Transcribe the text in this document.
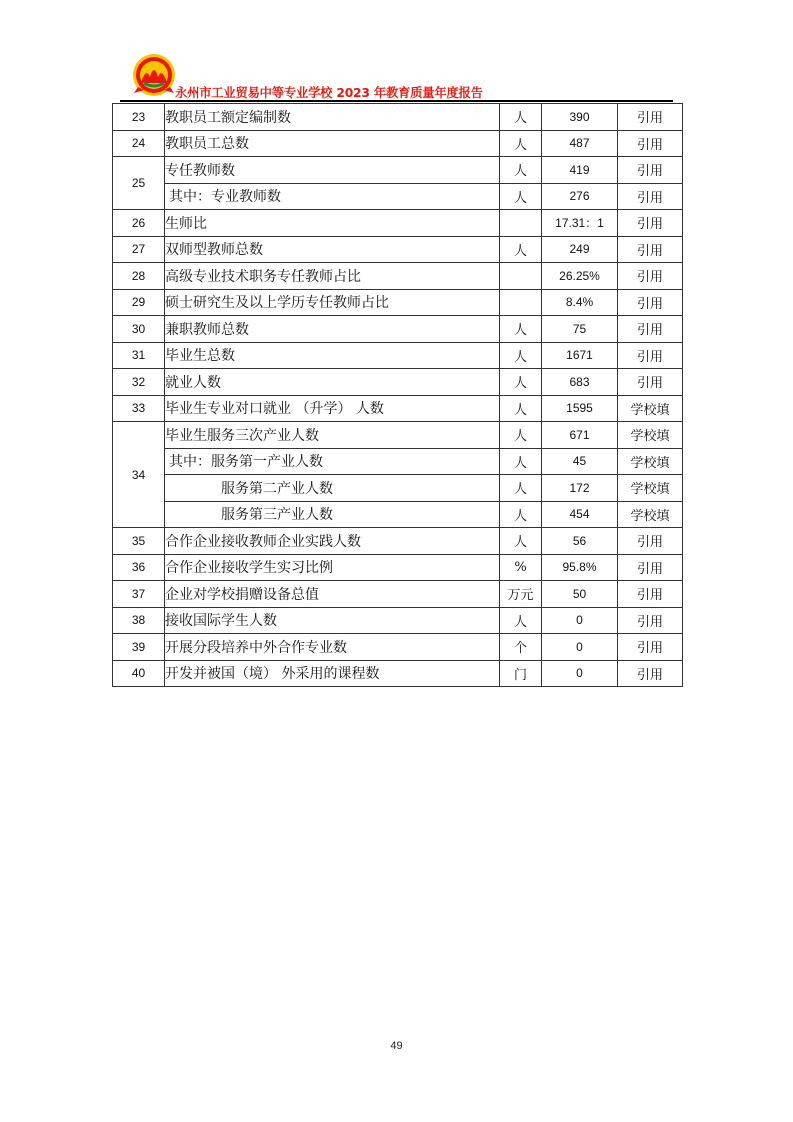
永州市工业贸易中等专业学校 2023 年教育质量年度报告
23	教职员工额定编制数	人	390	引用
24	教职员工总数	人	487	引用
25	专任教师数	人	419	引用
	其中：专业教师数	人	276	引用
26	生师比		17.31：1	引用
27	双师型教师总数	人	249	引用
28	高级专业技术职务专任教师占比		26.25%	引用
29	硕士研究生及以上学历专任教师占比		8.4%	引用
30	兼职教师总数	人	75	引用
31	毕业生总数	人	1671	引用
32	就业人数	人	683	引用
33	毕业生专业对口就业 （升学） 人数	人	1595	学校填
34	毕业生服务三次产业人数	人	671	学校填
	其中：服务第一产业人数	人	45	学校填
	服务第二产业人数	人	172	学校填
	服务第三产业人数	人	454	学校填
35	合作企业接收教师企业实践人数	人	56	引用
36	合作企业接收学生实习比例	%	95.8%	引用
37	企业对学校捐赠设备总值	万元	50	引用
38	接收国际学生人数	人	0	引用
39	开展分段培养中外合作专业数	个	0	引用
40	开发并被国（境） 外采用的课程数	门	0	引用
49
